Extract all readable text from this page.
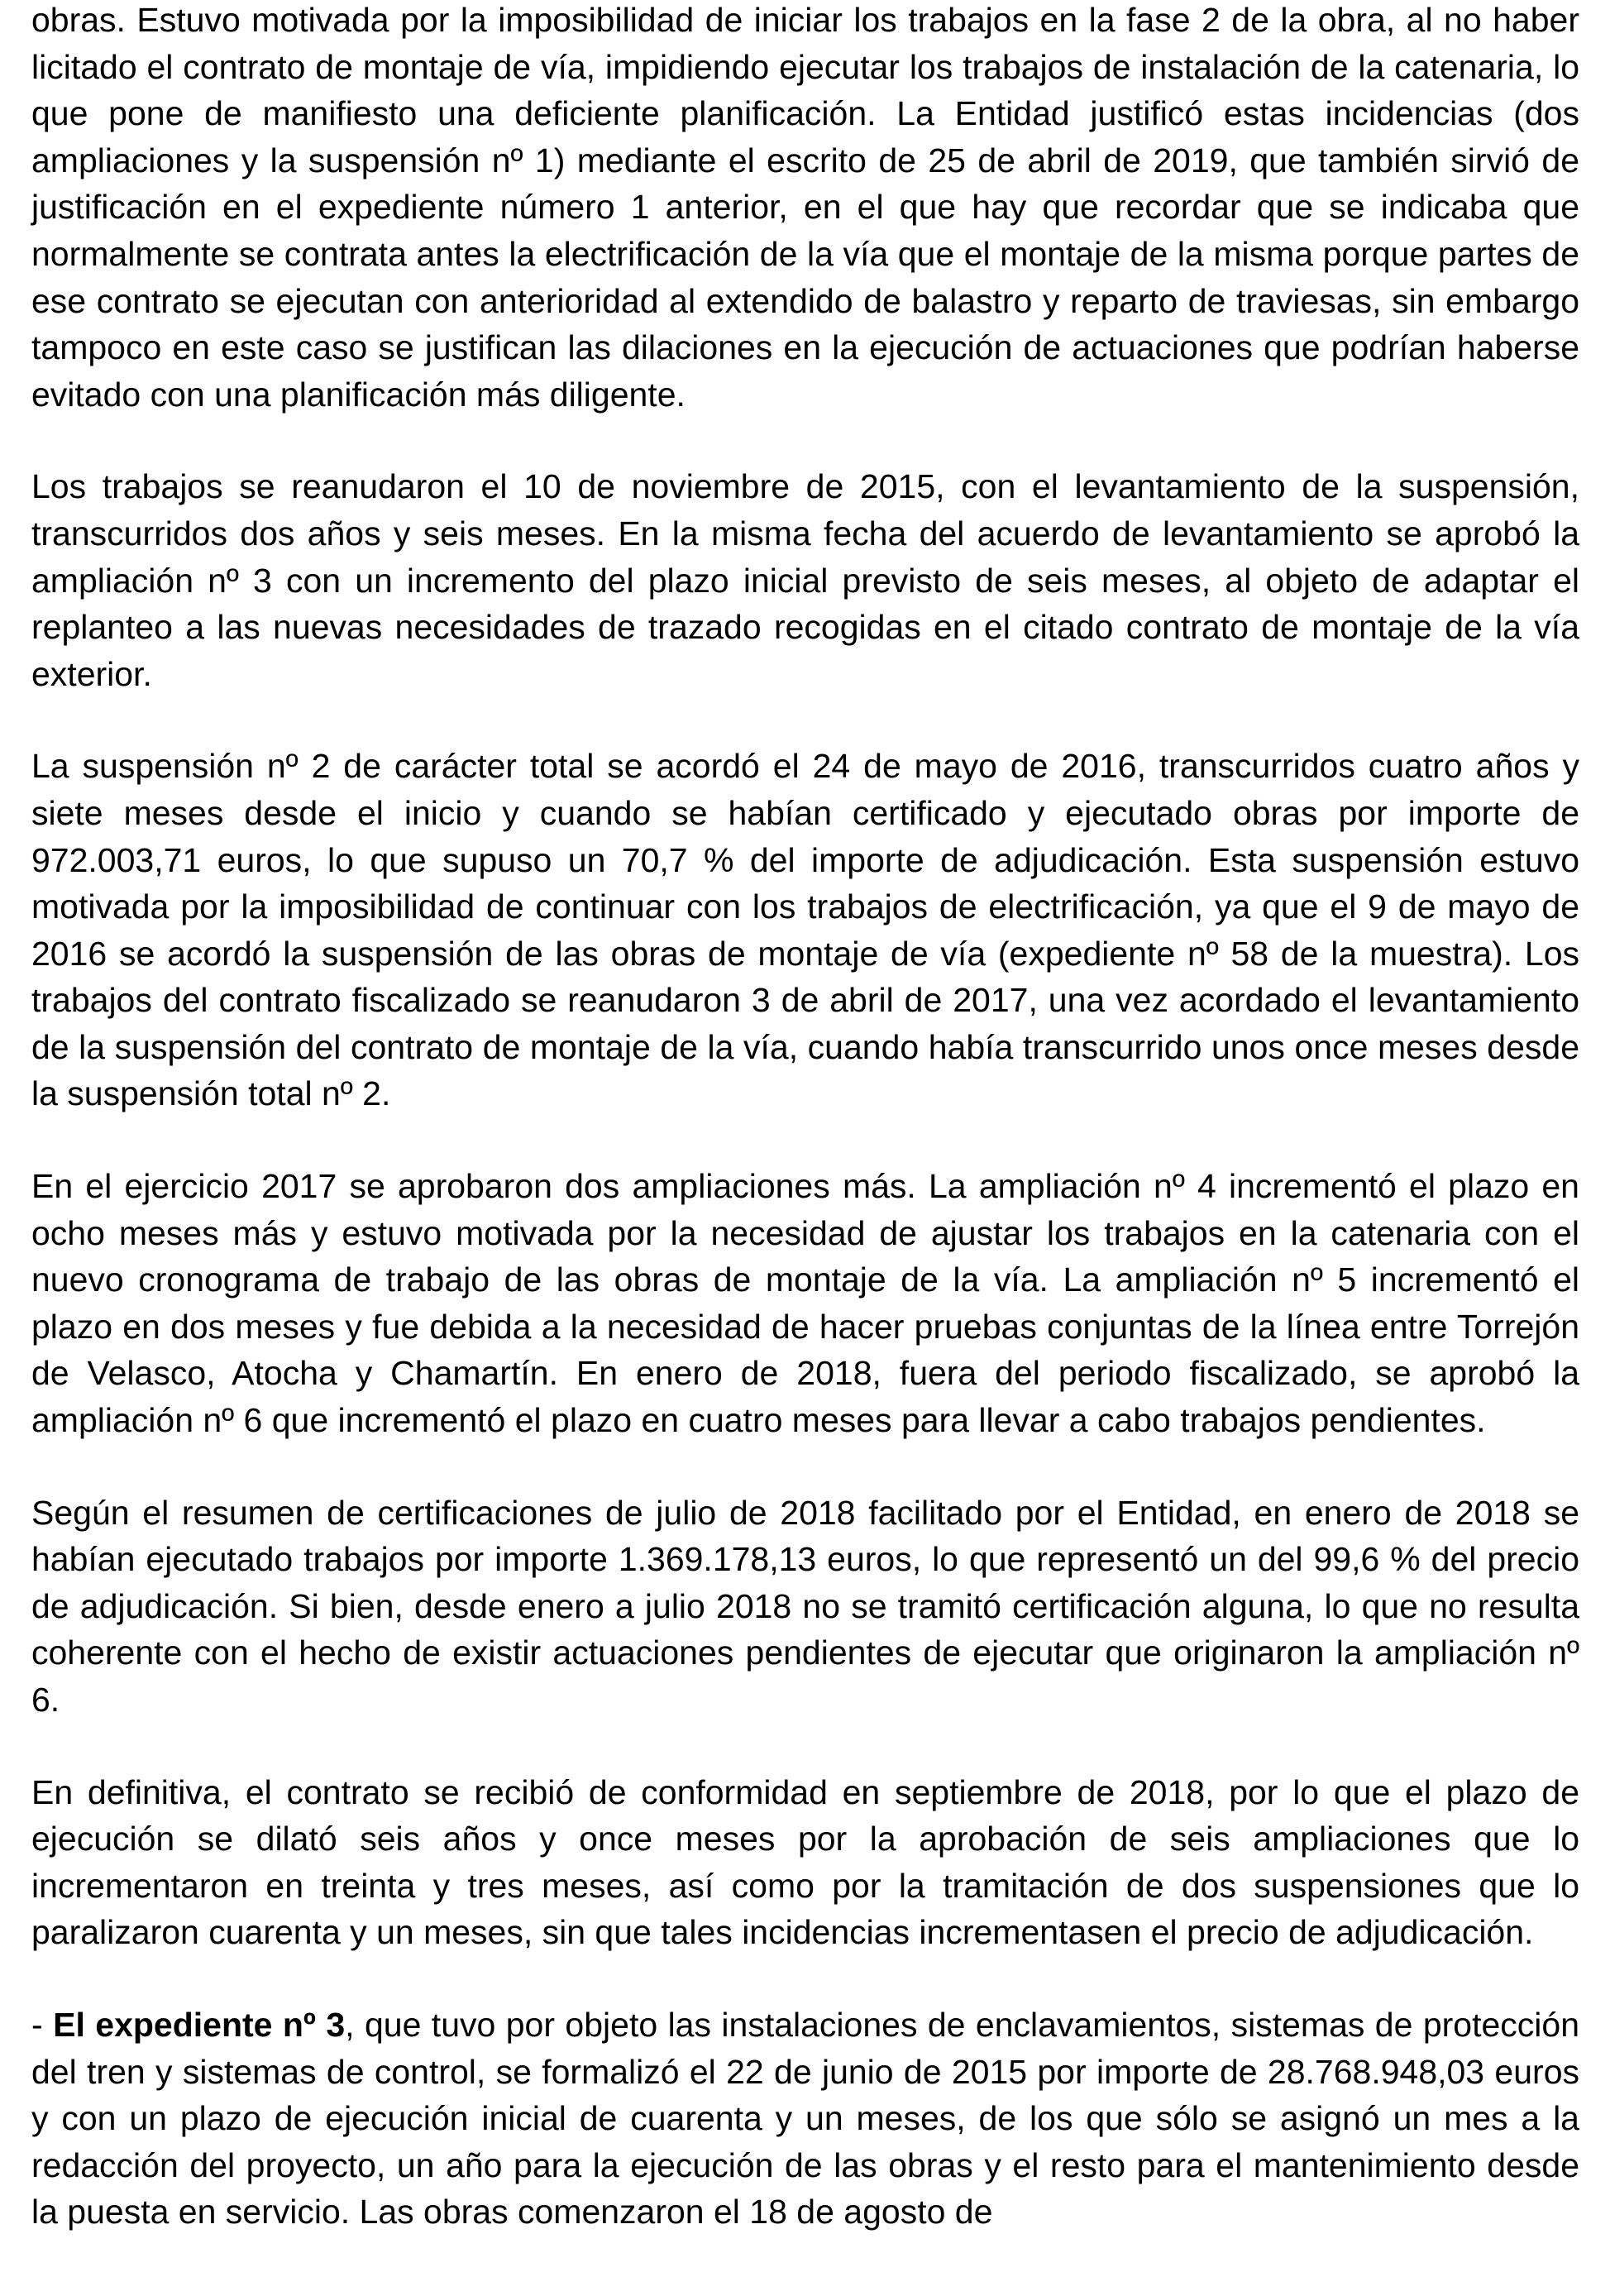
obras. Estuvo motivada por la imposibilidad de iniciar los trabajos en la fase 2 de la obra, al no haber licitado el contrato de montaje de vía, impidiendo ejecutar los trabajos de instalación de la catenaria, lo que pone de manifiesto una deficiente planificación. La Entidad justificó estas incidencias (dos ampliaciones y la suspensión nº 1) mediante el escrito de 25 de abril de 2019, que también sirvió de justificación en el expediente número 1 anterior, en el que hay que recordar que se indicaba que normalmente se contrata antes la electrificación de la vía que el montaje de la misma porque partes de ese contrato se ejecutan con anterioridad al extendido de balastro y reparto de traviesas, sin embargo tampoco en este caso se justifican las dilaciones en la ejecución de actuaciones que podrían haberse evitado con una planificación más diligente.

Los trabajos se reanudaron el 10 de noviembre de 2015, con el levantamiento de la suspensión, transcurridos dos años y seis meses. En la misma fecha del acuerdo de levantamiento se aprobó la ampliación nº 3 con un incremento del plazo inicial previsto de seis meses, al objeto de adaptar el replanteo a las nuevas necesidades de trazado recogidas en el citado contrato de montaje de la vía exterior.

La suspensión nº 2 de carácter total se acordó el 24 de mayo de 2016, transcurridos cuatro años y siete meses desde el inicio y cuando se habían certificado y ejecutado obras por importe de 972.003,71 euros, lo que supuso un 70,7 % del importe de adjudicación. Esta suspensión estuvo motivada por la imposibilidad de continuar con los trabajos de electrificación, ya que el 9 de mayo de 2016 se acordó la suspensión de las obras de montaje de vía (expediente nº 58 de la muestra). Los trabajos del contrato fiscalizado se reanudaron 3 de abril de 2017, una vez acordado el levantamiento de la suspensión del contrato de montaje de la vía, cuando había transcurrido unos once meses desde la suspensión total nº 2.

En el ejercicio 2017 se aprobaron dos ampliaciones más. La ampliación nº 4 incrementó el plazo en ocho meses más y estuvo motivada por la necesidad de ajustar los trabajos en la catenaria con el nuevo cronograma de trabajo de las obras de montaje de la vía. La ampliación nº 5 incrementó el plazo en dos meses y fue debida a la necesidad de hacer pruebas conjuntas de la línea entre Torrejón de Velasco, Atocha y Chamartín. En enero de 2018, fuera del periodo fiscalizado, se aprobó la ampliación nº 6 que incrementó el plazo en cuatro meses para llevar a cabo trabajos pendientes.

Según el resumen de certificaciones de julio de 2018 facilitado por el Entidad, en enero de 2018 se habían ejecutado trabajos por importe 1.369.178,13 euros, lo que representó un del 99,6 % del precio de adjudicación. Si bien, desde enero a julio 2018 no se tramitó certificación alguna, lo que no resulta coherente con el hecho de existir actuaciones pendientes de ejecutar que originaron la ampliación nº 6.

En definitiva, el contrato se recibió de conformidad en septiembre de 2018, por lo que el plazo de ejecución se dilató seis años y once meses por la aprobación de seis ampliaciones que lo incrementaron en treinta y tres meses, así como por la tramitación de dos suspensiones que lo paralizaron cuarenta y un meses, sin que tales incidencias incrementasen el precio de adjudicación.

- El expediente nº 3, que tuvo por objeto las instalaciones de enclavamientos, sistemas de protección del tren y sistemas de control, se formalizó el 22 de junio de 2015 por importe de 28.768.948,03 euros y con un plazo de ejecución inicial de cuarenta y un meses, de los que sólo se asignó un mes a la redacción del proyecto, un año para la ejecución de las obras y el resto para el mantenimiento desde la puesta en servicio. Las obras comenzaron el 18 de agosto de
